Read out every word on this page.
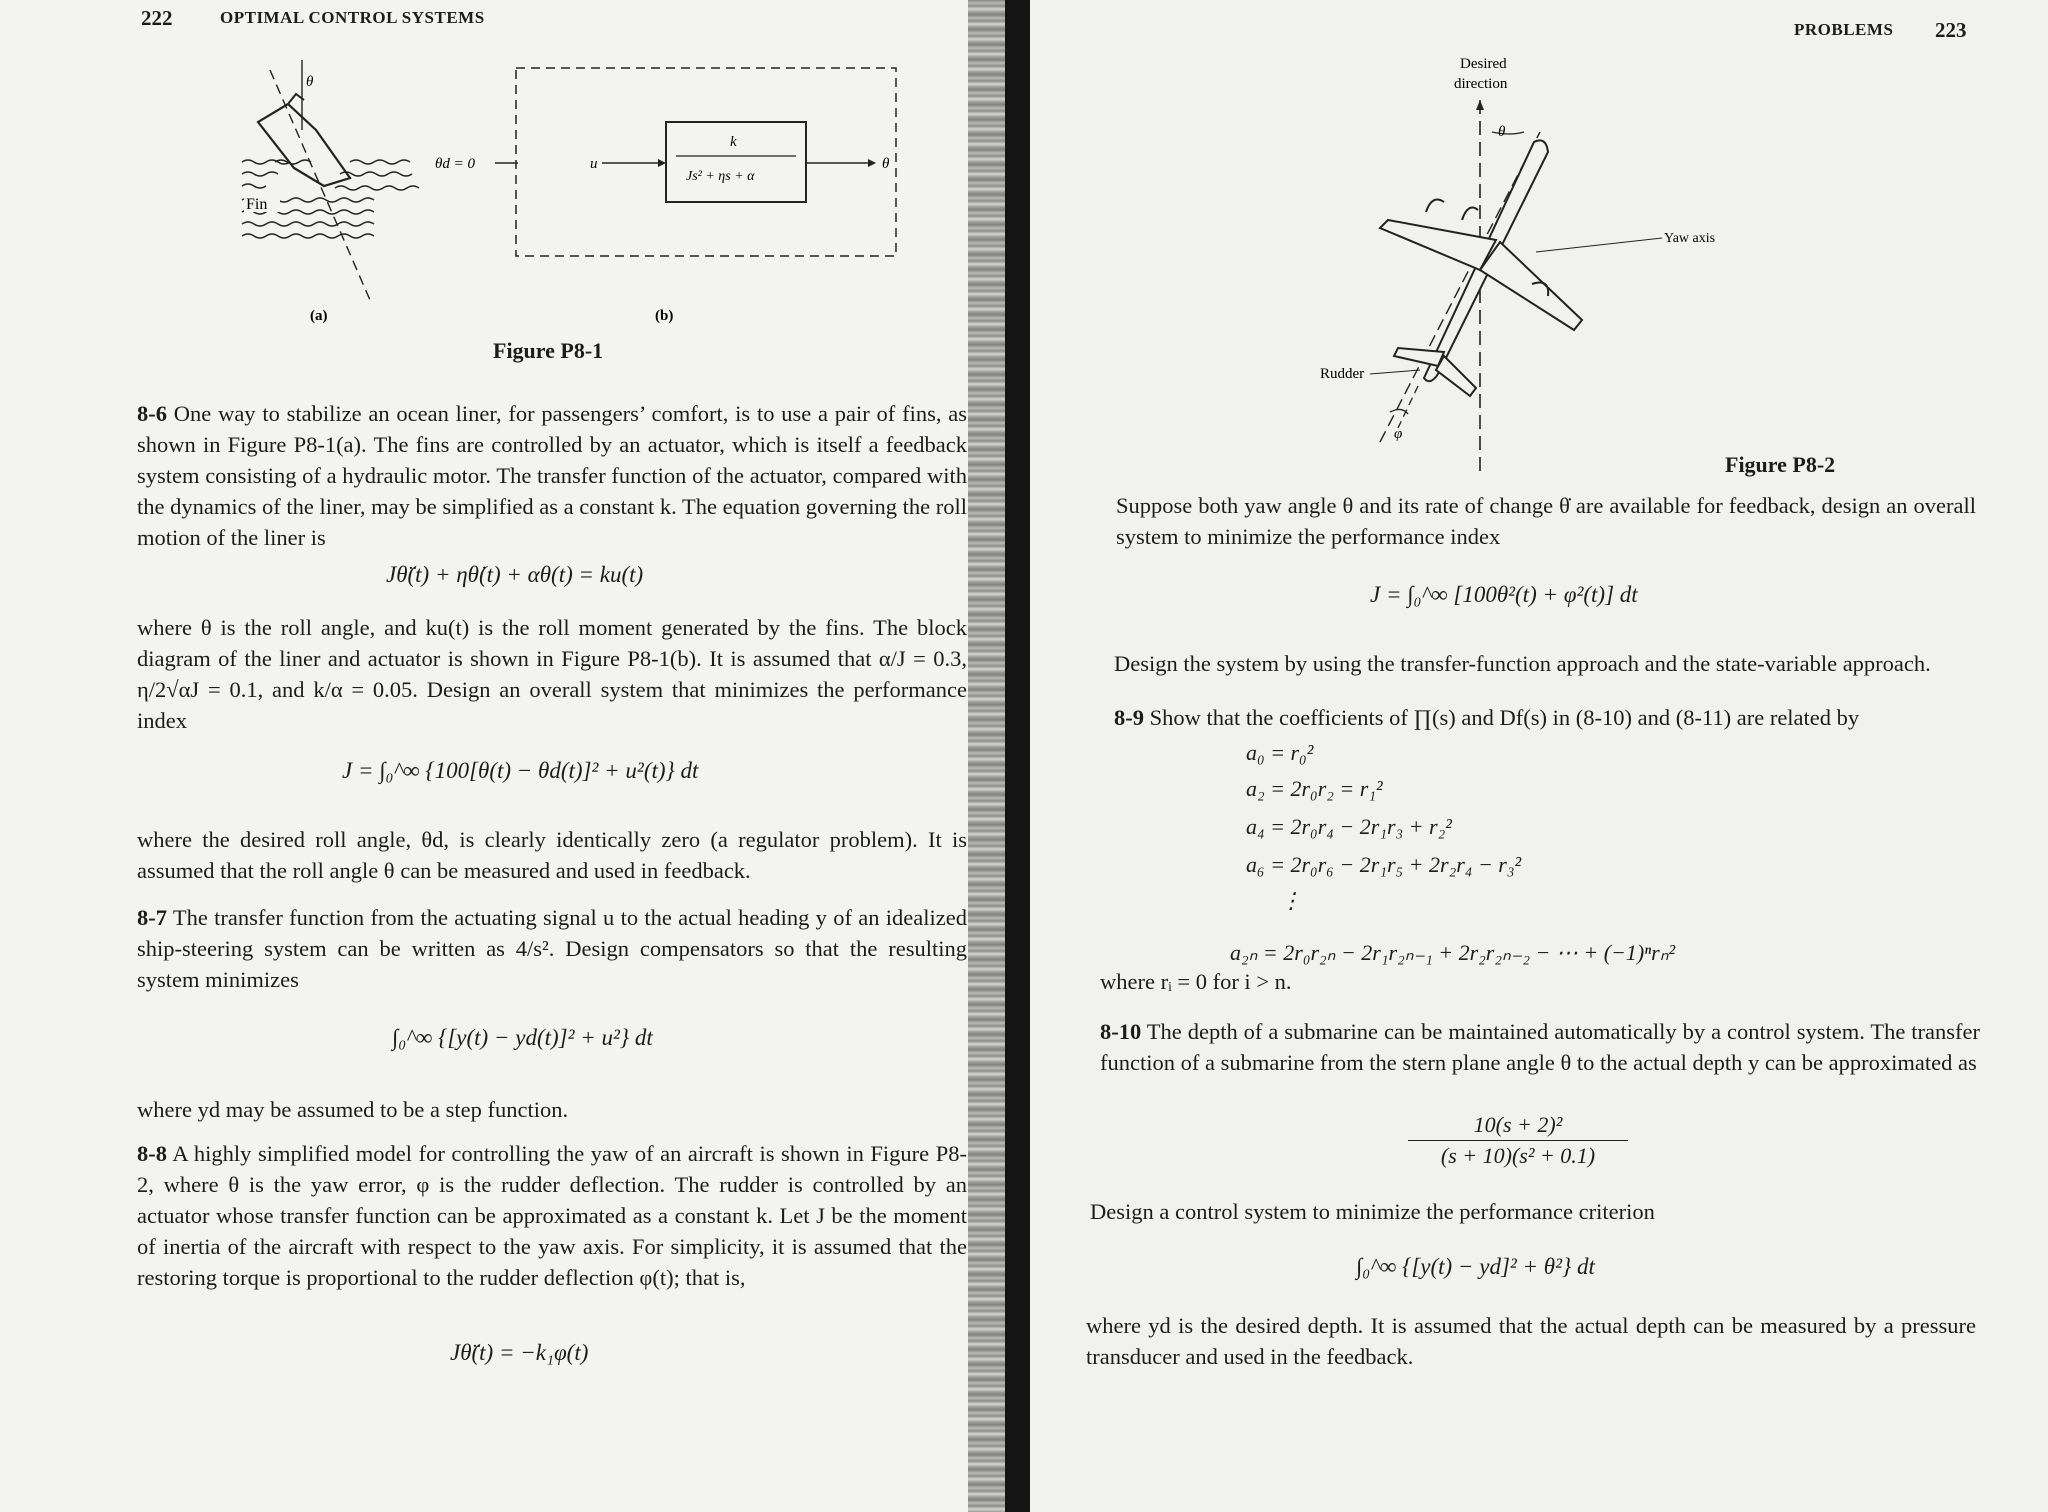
222	OPTIMAL CONTROL SYSTEMS
Fin
θ
(a)
θd = 0	u
k
Js² + ηs + α
θ
(b)
Figure P8-1
8-6 One way to stabilize an ocean liner, for passengers’ comfort, is to use a pair of fins, as shown in Figure P8-1(a). The fins are controlled by an actuator, which is itself a feedback system consisting of a hydraulic motor. The transfer function of the actuator, compared with the dynamics of the liner, may be simplified as a constant k. The equation governing the roll motion of the liner is
Jθ̈(t) + ηθ̇(t) + αθ(t) = ku(t)
where θ is the roll angle, and ku(t) is the roll moment generated by the fins. The block diagram of the liner and actuator is shown in Figure P8-1(b). It is assumed that α/J = 0.3, η/2√αJ = 0.1, and k/α = 0.05. Design an overall system that minimizes the performance index
J = ∫₀^∞ {100[θ(t) − θd(t)]² + u²(t)} dt
where the desired roll angle, θd, is clearly identically zero (a regulator problem). It is assumed that the roll angle θ can be measured and used in feedback.
8-7 The transfer function from the actuating signal u to the actual heading y of an idealized ship-steering system can be written as 4/s². Design compensators so that the resulting system minimizes
∫₀^∞ {[y(t) − yd(t)]² + u²} dt
where yd may be assumed to be a step function.
8-8 A highly simplified model for controlling the yaw of an aircraft is shown in Figure P8-2, where θ is the yaw error, φ is the rudder deflection. The rudder is controlled by an actuator whose transfer function can be approximated as a constant k. Let J be the moment of inertia of the aircraft with respect to the yaw axis. For simplicity, it is assumed that the restoring torque is proportional to the rudder deflection φ(t); that is,
Jθ̈(t) = −k₁φ(t)
PROBLEMS 223
Desired
direction
θ
φ
Rudder
Yaw axis
Figure P8-2
Suppose both yaw angle θ and its rate of change θ̇ are available for feedback, design an overall system to minimize the performance index
J = ∫₀^∞ [100θ²(t) + φ²(t)] dt
Design the system by using the transfer-function approach and the state-variable approach.
8-9 Show that the coefficients of ∏(s) and Df(s) in (8-10) and (8-11) are related by
a₀ = r₀²
a₂ = 2r₀r₂ = r₁²
a₄ = 2r₀r₄ − 2r₁r₃ + r₂²
a₆ = 2r₀r₆ − 2r₁r₅ + 2r₂r₄ − r₃²
⋮
a₂ₙ = 2r₀r₂ₙ − 2r₁r₂ₙ₋₁ + 2r₂r₂ₙ₋₂ − ⋯ + (−1)ⁿrₙ²
where rᵢ = 0 for i > n.
8-10 The depth of a submarine can be maintained automatically by a control system. The transfer function of a submarine from the stern plane angle θ to the actual depth y can be approximated as
$\frac{\text{10(s + 2)²}}{\text{(s + 10)(s² + 0.1)}}$
Design a control system to minimize the performance criterion
∫₀^∞ {[y(t) − yd]² + θ²} dt
where yd is the desired depth. It is assumed that the actual depth can be measured by a pressure transducer and used in the feedback.
